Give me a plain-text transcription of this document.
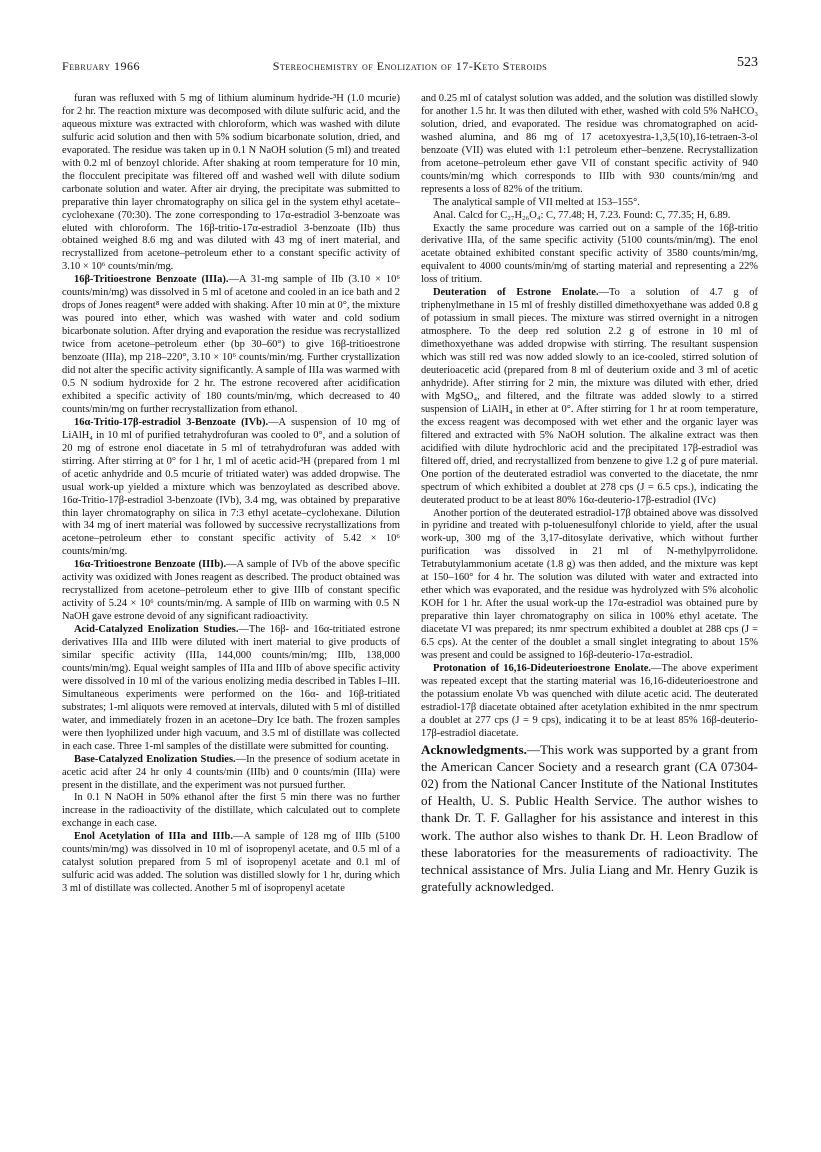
February 1966	Stereochemistry of Enolization of 17-Keto Steroids	523

furan was refluxed with 5 mg of lithium aluminum hydride-³H (1.0 mcurie) for 2 hr. The reaction mixture was decomposed with dilute sulfuric acid, and the aqueous mixture was extracted with chloroform, which was washed with dilute sulfuric acid solution and then with 5% sodium bicarbonate solution, dried, and evaporated. The residue was taken up in 0.1 N NaOH solution (5 ml) and treated with 0.2 ml of benzoyl chloride. After shaking at room temperature for 10 min, the flocculent precipitate was filtered off and washed well with dilute sodium carbonate solution and water. After air drying, the precipitate was submitted to preparative thin layer chromatography on silica gel in the system ethyl acetate–cyclohexane (70:30). The zone corresponding to 17α-estradiol 3-benzoate was eluted with chloroform. The 16β-tritio-17α-estradiol 3-benzoate (IIb) thus obtained weighed 8.6 mg and was diluted with 43 mg of inert material, and recrystallized from acetone–petroleum ether to a constant specific activity of 3.10 × 10⁶ counts/min/mg.

16β-Tritioestrone Benzoate (IIIa).—A 31-mg sample of IIb (3.10 × 10⁶ counts/min/mg) was dissolved in 5 ml of acetone and cooled in an ice bath and 2 drops of Jones reagent⁸ were added with shaking. After 10 min at 0°, the mixture was poured into ether, which was washed with water and cold sodium bicarbonate solution. After drying and evaporation the residue was recrystallized twice from acetone–petroleum ether (bp 30–60°) to give 16β-tritioestrone benzoate (IIIa), mp 218–220°, 3.10 × 10⁶ counts/min/mg. Further crystallization did not alter the specific activity significantly. A sample of IIIa was warmed with 0.5 N sodium hydroxide for 2 hr. The estrone recovered after acidification exhibited a specific activity of 180 counts/min/mg, which decreased to 40 counts/min/mg on further recrystallization from ethanol.

16α-Tritio-17β-estradiol 3-Benzoate (IVb).—A suspension of 10 mg of LiAlH₄ in 10 ml of purified tetrahydrofuran was cooled to 0°, and a solution of 20 mg of estrone enol diacetate in 5 ml of tetrahydrofuran was added with stirring. After stirring at 0° for 1 hr, 1 ml of acetic acid-³H (prepared from 1 ml of acetic anhydride and 0.5 mcurie of tritiated water) was added dropwise. The usual work-up yielded a mixture which was benzoylated as described above. 16α-Tritio-17β-estradiol 3-benzoate (IVb), 3.4 mg, was obtained by preparative thin layer chromatography on silica in 7:3 ethyl acetate–cyclohexane. Dilution with 34 mg of inert material was followed by successive recrystallizations from acetone–petroleum ether to constant specific activity of 5.42 × 10⁶ counts/min/mg.

16α-Tritioestrone Benzoate (IIIb).—A sample of IVb of the above specific activity was oxidized with Jones reagent as described. The product obtained was recrystallized from acetone–petroleum ether to give IIIb of constant specific activity of 5.24 × 10⁶ counts/min/mg. A sample of IIIb on warming with 0.5 N NaOH gave estrone devoid of any significant radioactivity.

Acid-Catalyzed Enolization Studies.—The 16β- and 16α-tritiated estrone derivatives IIIa and IIIb were diluted with inert material to give products of similar specific activity (IIIa, 144,000 counts/min/mg; IIIb, 138,000 counts/min/mg). Equal weight samples of IIIa and IIIb of above specific activity were dissolved in 10 ml of the various enolizing media described in Tables I–III. Simultaneous experiments were performed on the 16α- and 16β-tritiated substrates; 1-ml aliquots were removed at intervals, diluted with 5 ml of distilled water, and immediately frozen in an acetone–Dry Ice bath. The frozen samples were then lyophilized under high vacuum, and 3.5 ml of distillate was collected in each case. Three 1-ml samples of the distillate were submitted for counting.

Base-Catalyzed Enolization Studies.—In the presence of sodium acetate in acetic acid after 24 hr only 4 counts/min (IIIb) and 0 counts/min (IIIa) were present in the distillate, and the experiment was not pursued further.

In 0.1 N NaOH in 50% ethanol after the first 5 min there was no further increase in the radioactivity of the distillate, which calculated out to complete exchange in each case.

Enol Acetylation of IIIa and IIIb.—A sample of 128 mg of IIIb (5100 counts/min/mg) was dissolved in 10 ml of isopropenyl acetate, and 0.5 ml of a catalyst solution prepared from 5 ml of isopropenyl acetate and 0.1 ml of sulfuric acid was added. The solution was distilled slowly for 1 hr, during which 3 ml of distillate was collected. Another 5 ml of isopropenyl acetate

and 0.25 ml of catalyst solution was added, and the solution was distilled slowly for another 1.5 hr. It was then diluted with ether, washed with cold 5% NaHCO₃ solution, dried, and evaporated. The residue was chromatographed on acid-washed alumina, and 86 mg of 17 acetoxyestra-1,3,5(10),16-tetraen-3-ol benzoate (VII) was eluted with 1:1 petroleum ether–benzene. Recrystallization from acetone–petroleum ether gave VII of constant specific activity of 940 counts/min/mg which corresponds to IIIb with 930 counts/min/mg and represents a loss of 82% of the tritium.

The analytical sample of VII melted at 153–155°.

Anal. Calcd for C₂₇H₂₆O₄: C, 77.48; H, 7.23. Found: C, 77.35; H, 6.89.

Exactly the same procedure was carried out on a sample of the 16β-tritio derivative IIIa, of the same specific activity (5100 counts/min/mg). The enol acetate obtained exhibited constant specific activity of 3580 counts/min/mg, equivalent to 4000 counts/min/mg of starting material and representing a 22% loss of tritium.

Deuteration of Estrone Enolate.—To a solution of 4.7 g of triphenylmethane in 15 ml of freshly distilled dimethoxyethane was added 0.8 g of potassium in small pieces. The mixture was stirred overnight in a nitrogen atmosphere. To the deep red solution 2.2 g of estrone in 10 ml of dimethoxyethane was added dropwise with stirring. The resultant suspension which was still red was now added slowly to an ice-cooled, stirred solution of deuterioacetic acid (prepared from 8 ml of deuterium oxide and 3 ml of acetic anhydride). After stirring for 2 min, the mixture was diluted with ether, dried with MgSO₄, and filtered, and the filtrate was added slowly to a stirred suspension of LiAlH₄ in ether at 0°. After stirring for 1 hr at room temperature, the excess reagent was decomposed with wet ether and the organic layer was filtered and extracted with 5% NaOH solution. The alkaline extract was then acidified with dilute hydrochloric acid and the precipitated 17β-estradiol was filtered off, dried, and recrystallized from benzene to give 1.2 g of pure material. One portion of the deuterated estradiol was converted to the diacetate, the nmr spectrum of which exhibited a doublet at 278 cps (J = 6.5 cps.), indicating the deuterated product to be at least 80% 16α-deuterio-17β-estradiol (IVc)

Another portion of the deuterated estradiol-17β obtained above was dissolved in pyridine and treated with p-toluenesulfonyl chloride to yield, after the usual work-up, 300 mg of the 3,17-ditosylate derivative, which without further purification was dissolved in 21 ml of N-methylpyrrolidone. Tetrabutylammonium acetate (1.8 g) was then added, and the mixture was kept at 150–160° for 4 hr. The solution was diluted with water and extracted into ether which was evaporated, and the residue was hydrolyzed with 5% alcoholic KOH for 1 hr. After the usual work-up the 17α-estradiol was obtained pure by preparative thin layer chromatography on silica in 100% ethyl acetate. The diacetate VI was prepared; its nmr spectrum exhibited a doublet at 288 cps (J = 6.5 cps). At the center of the doublet a small singlet integrating to about 15% was present and could be assigned to 16β-deuterio-17α-estradiol.

Protonation of 16,16-Dideuterioestrone Enolate.—The above experiment was repeated except that the starting material was 16,16-dideuterioestrone and the potassium enolate Vb was quenched with dilute acetic acid. The deuterated estradiol-17β diacetate obtained after acetylation exhibited in the nmr spectrum a doublet at 277 cps (J = 9 cps), indicating it to be at least 85% 16β-deuterio-17β-estradiol diacetate.

Acknowledgments.—This work was supported by a grant from the American Cancer Society and a research grant (CA 07304-02) from the National Cancer Institute of the National Institutes of Health, U. S. Public Health Service. The author wishes to thank Dr. T. F. Gallagher for his assistance and interest in this work. The author also wishes to thank Dr. H. Leon Bradlow of these laboratories for the measurements of radioactivity. The technical assistance of Mrs. Julia Liang and Mr. Henry Guzik is gratefully acknowledged.
